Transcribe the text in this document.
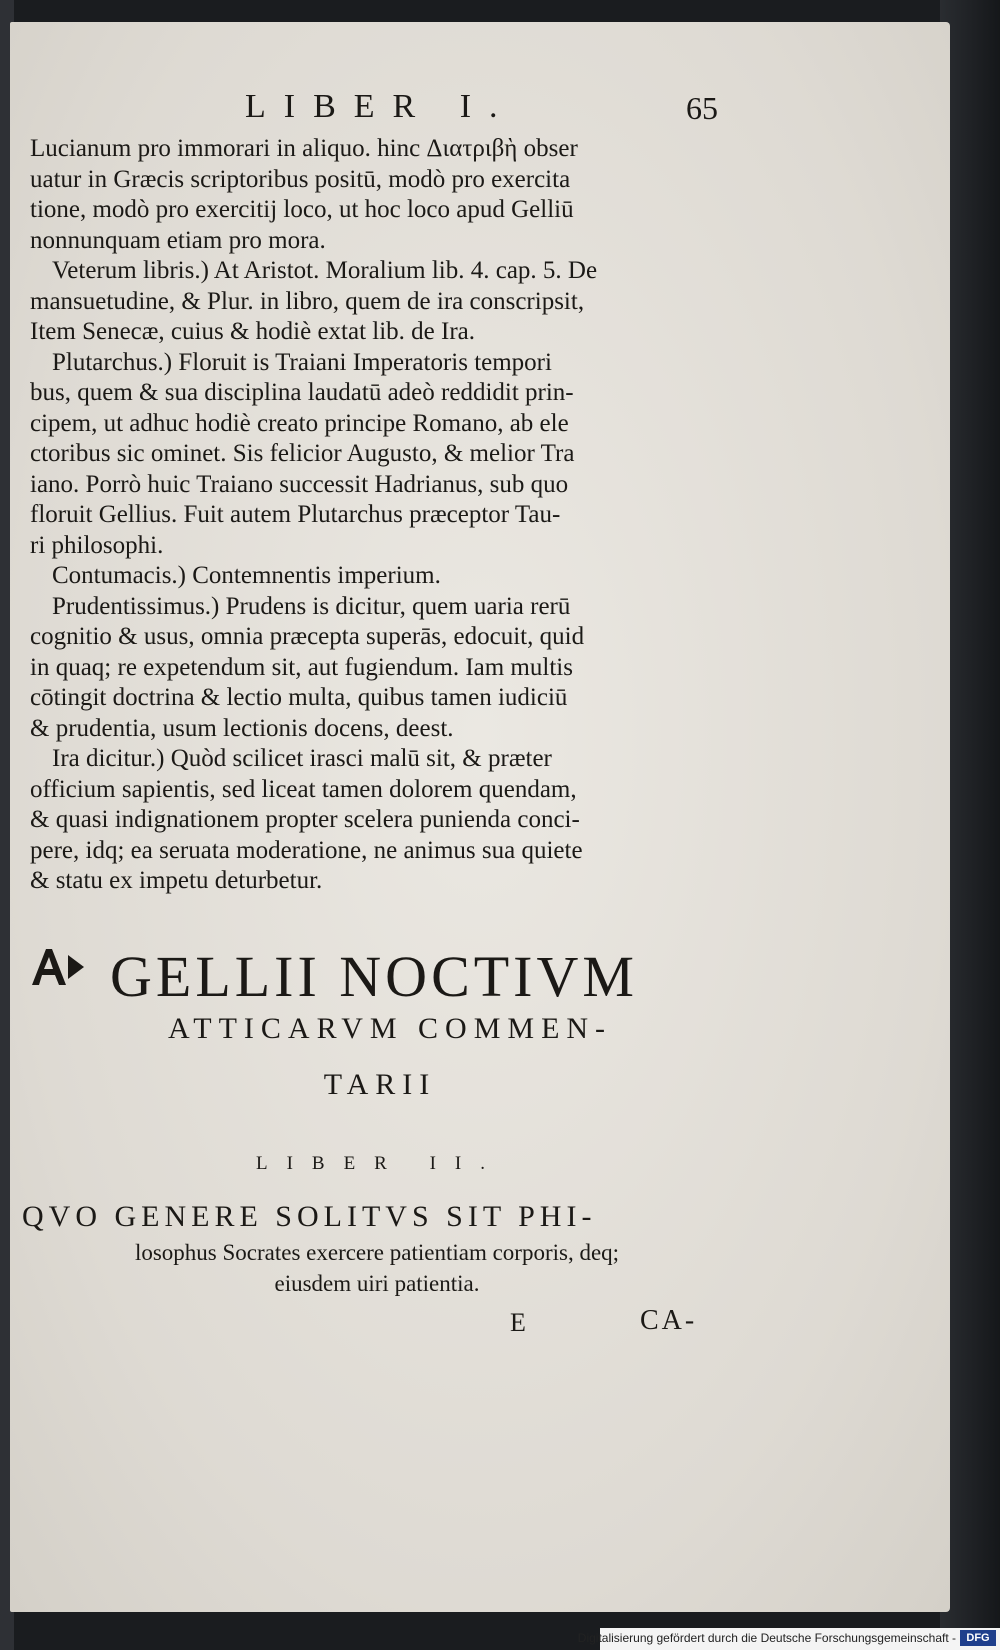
LIBER I.	65
Lucianum pro immorari in aliquo. hinc Διατριβὴ obser
uatur in Græcis scriptoribus positū, modò pro exercita
tione, modò pro exercitij loco, ut hoc loco apud Gelliū
nonnunquam etiam pro mora.
Veterum libris.) At Aristot. Moralium lib. 4. cap. 5. De
mansuetudine, & Plur. in libro, quem de ira conscripsit,
Item Senecæ, cuius & hodiè extat lib. de Ira.
Plutarchus.) Floruit is Traiani Imperatoris tempori
bus, quem & sua disciplina laudatū adeò reddidit prin-
cipem, ut adhuc hodiè creato principe Romano, ab ele
ctoribus sic ominet. Sis felicior Augusto, & melior Tra
iano. Porrò huic Traiano successit Hadrianus, sub quo
floruit Gellius. Fuit autem Plutarchus præceptor Tau-
ri philosophi.
Contumacis.) Contemnentis imperium.
Prudentissimus.) Prudens is dicitur, quem uaria rerū
cognitio & usus, omnia præcepta superās, edocuit, quid
in quaq; re expetendum sit, aut fugiendum. Iam multis
cōtingit doctrina & lectio multa, quibus tamen iudiciū
& prudentia, usum lectionis docens, deest.
Ira dicitur.) Quòd scilicet irasci malū sit, & præter
officium sapientis, sed liceat tamen dolorem quendam,
& quasi indignationem propter scelera punienda conci-
pere, idq; ea seruata moderatione, ne animus sua quiete
& statu ex impetu deturbetur.
GELLII NOCTIVM
ATTICARVM COMMEN-
TARII
LIBER II.
QVO GENERE SOLITVS SIT PHI-
losophus Socrates exercere patientiam corporis, deq;
eiusdem uiri patientia.
E	CA-
Digitalisierung gefördert durch die Deutsche Forschungsgemeinschaft - DFG
